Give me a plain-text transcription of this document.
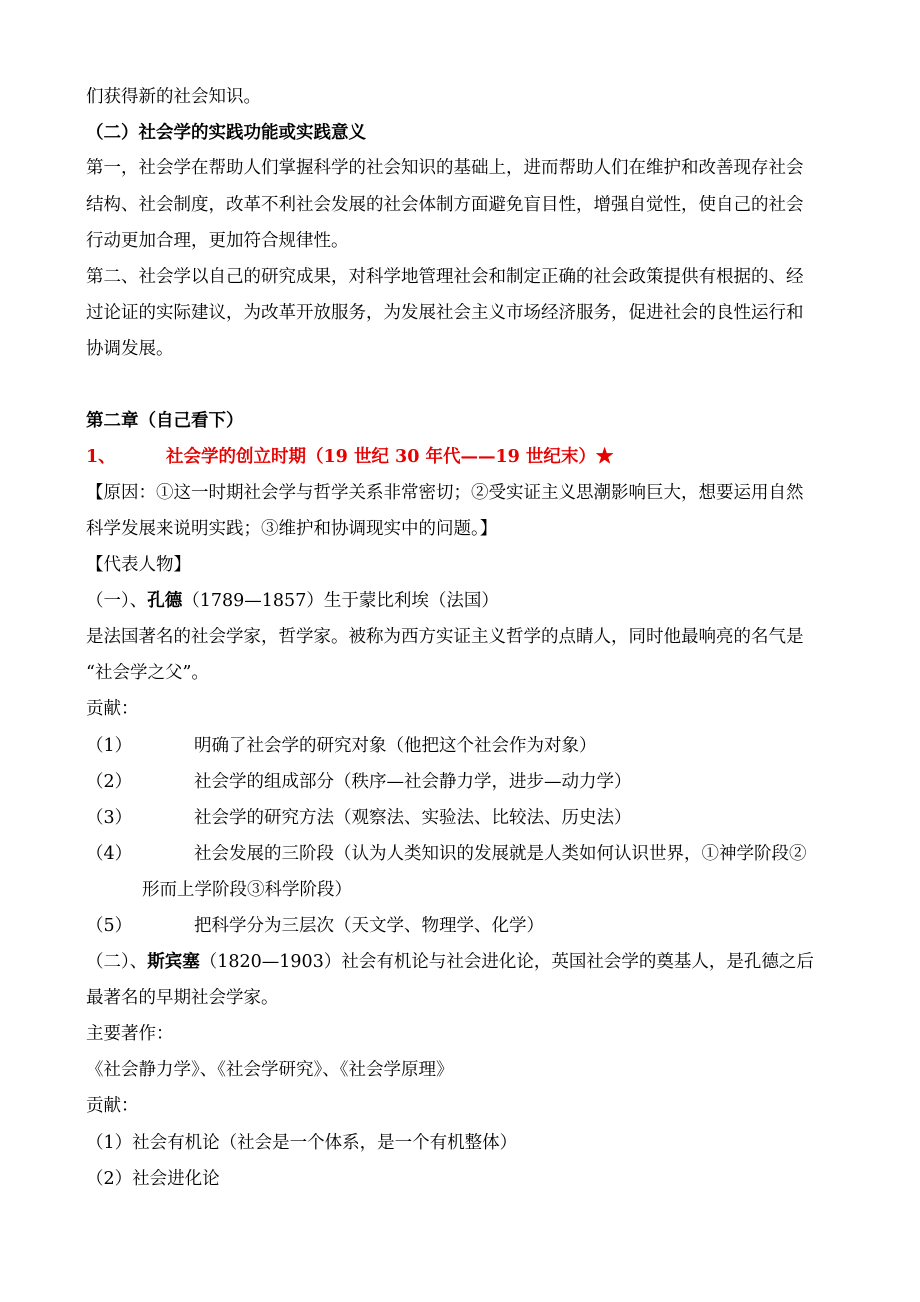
们获得新的社会知识。
（二）社会学的实践功能或实践意义
第一，社会学在帮助人们掌握科学的社会知识的基础上，进而帮助人们在维护和改善现存社会
结构、社会制度，改革不利社会发展的社会体制方面避免盲目性，增强自觉性，使自己的社会
行动更加合理，更加符合规律性。
第二、社会学以自己的研究成果，对科学地管理社会和制定正确的社会政策提供有根据的、经
过论证的实际建议，为改革开放服务，为发展社会主义市场经济服务，促进社会的良性运行和
协调发展。
第二章（自己看下）
1、	社会学的创立时期（19 世纪 30 年代——19 世纪末）★
【原因：①这一时期社会学与哲学关系非常密切；②受实证主义思潮影响巨大，想要运用自然
科学发展来说明实践；③维护和协调现实中的问题。】
【代表人物】
（一）、孔德（1789—1857）生于蒙比利埃（法国）
是法国著名的社会学家，哲学家。被称为西方实证主义哲学的点睛人，同时他最响亮的名气是
“社会学之父”。
贡献：
（1）	明确了社会学的研究对象（他把这个社会作为对象）
（2）	社会学的组成部分（秩序—社会静力学，进步—动力学）
（3）	社会学的研究方法（观察法、实验法、比较法、历史法）
（4）	社会发展的三阶段（认为人类知识的发展就是人类如何认识世界，①神学阶段②
形而上学阶段③科学阶段）
（5）	把科学分为三层次（天文学、物理学、化学）
（二）、斯宾塞（1820—1903）社会有机论与社会进化论，英国社会学的奠基人，是孔德之后
最著名的早期社会学家。
主要著作：
《社会静力学》、《社会学研究》、《社会学原理》
贡献：
（1）社会有机论（社会是一个体系，是一个有机整体）
（2）社会进化论
